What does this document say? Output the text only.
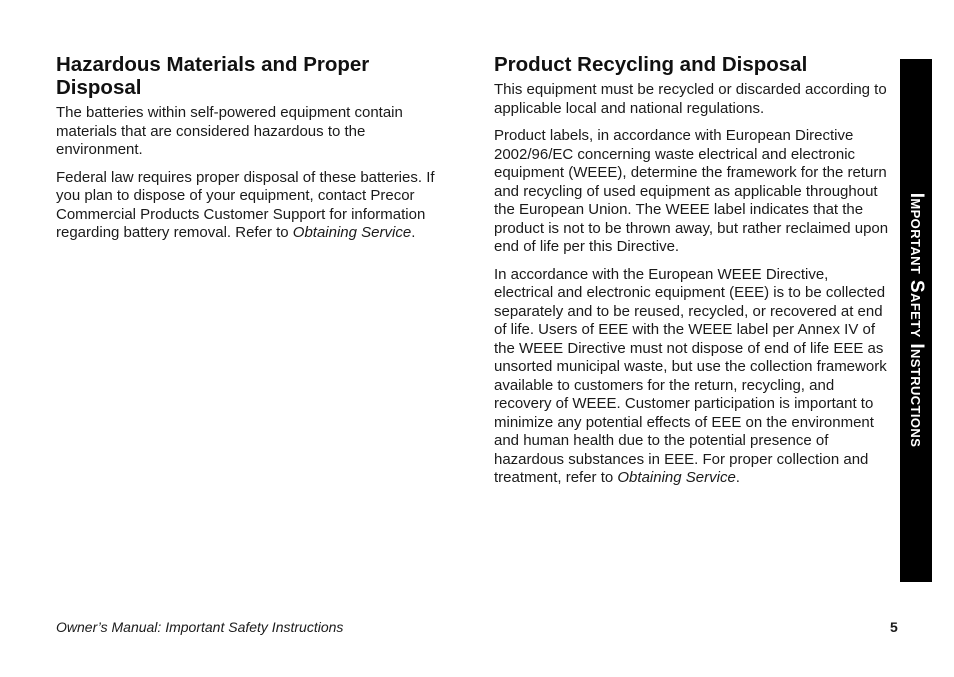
Hazardous Materials and Proper
Disposal

The batteries within self-powered equipment contain materials that are considered hazardous to the environment.

Federal law requires proper disposal of these batteries. If you plan to dispose of your equipment, contact Precor Commercial Products Customer Support for information regarding battery removal. Refer to Obtaining Service.

Product Recycling and Disposal

This equipment must be recycled or discarded according to applicable local and national regulations.

Product labels, in accordance with European Directive 2002/96/EC concerning waste electrical and electronic equipment (WEEE), determine the framework for the return and recycling of used equipment as applicable throughout the European Union. The WEEE label indicates that the product is not to be thrown away, but rather reclaimed upon end of life per this Directive.

In accordance with the European WEEE Directive, electrical and electronic equipment (EEE) is to be collected separately and to be reused, recycled, or recovered at end of life. Users of EEE with the WEEE label per Annex IV of the WEEE Directive must not dispose of end of life EEE as unsorted municipal waste, but use the collection framework available to customers for the return, recycling, and recovery of WEEE. Customer participation is important to minimize any potential effects of EEE on the environment and human health due to the potential presence of hazardous substances in EEE. For proper collection and treatment, refer to Obtaining Service.

Important Safety Instructions
Owner’s Manual: Important Safety Instructions	5
